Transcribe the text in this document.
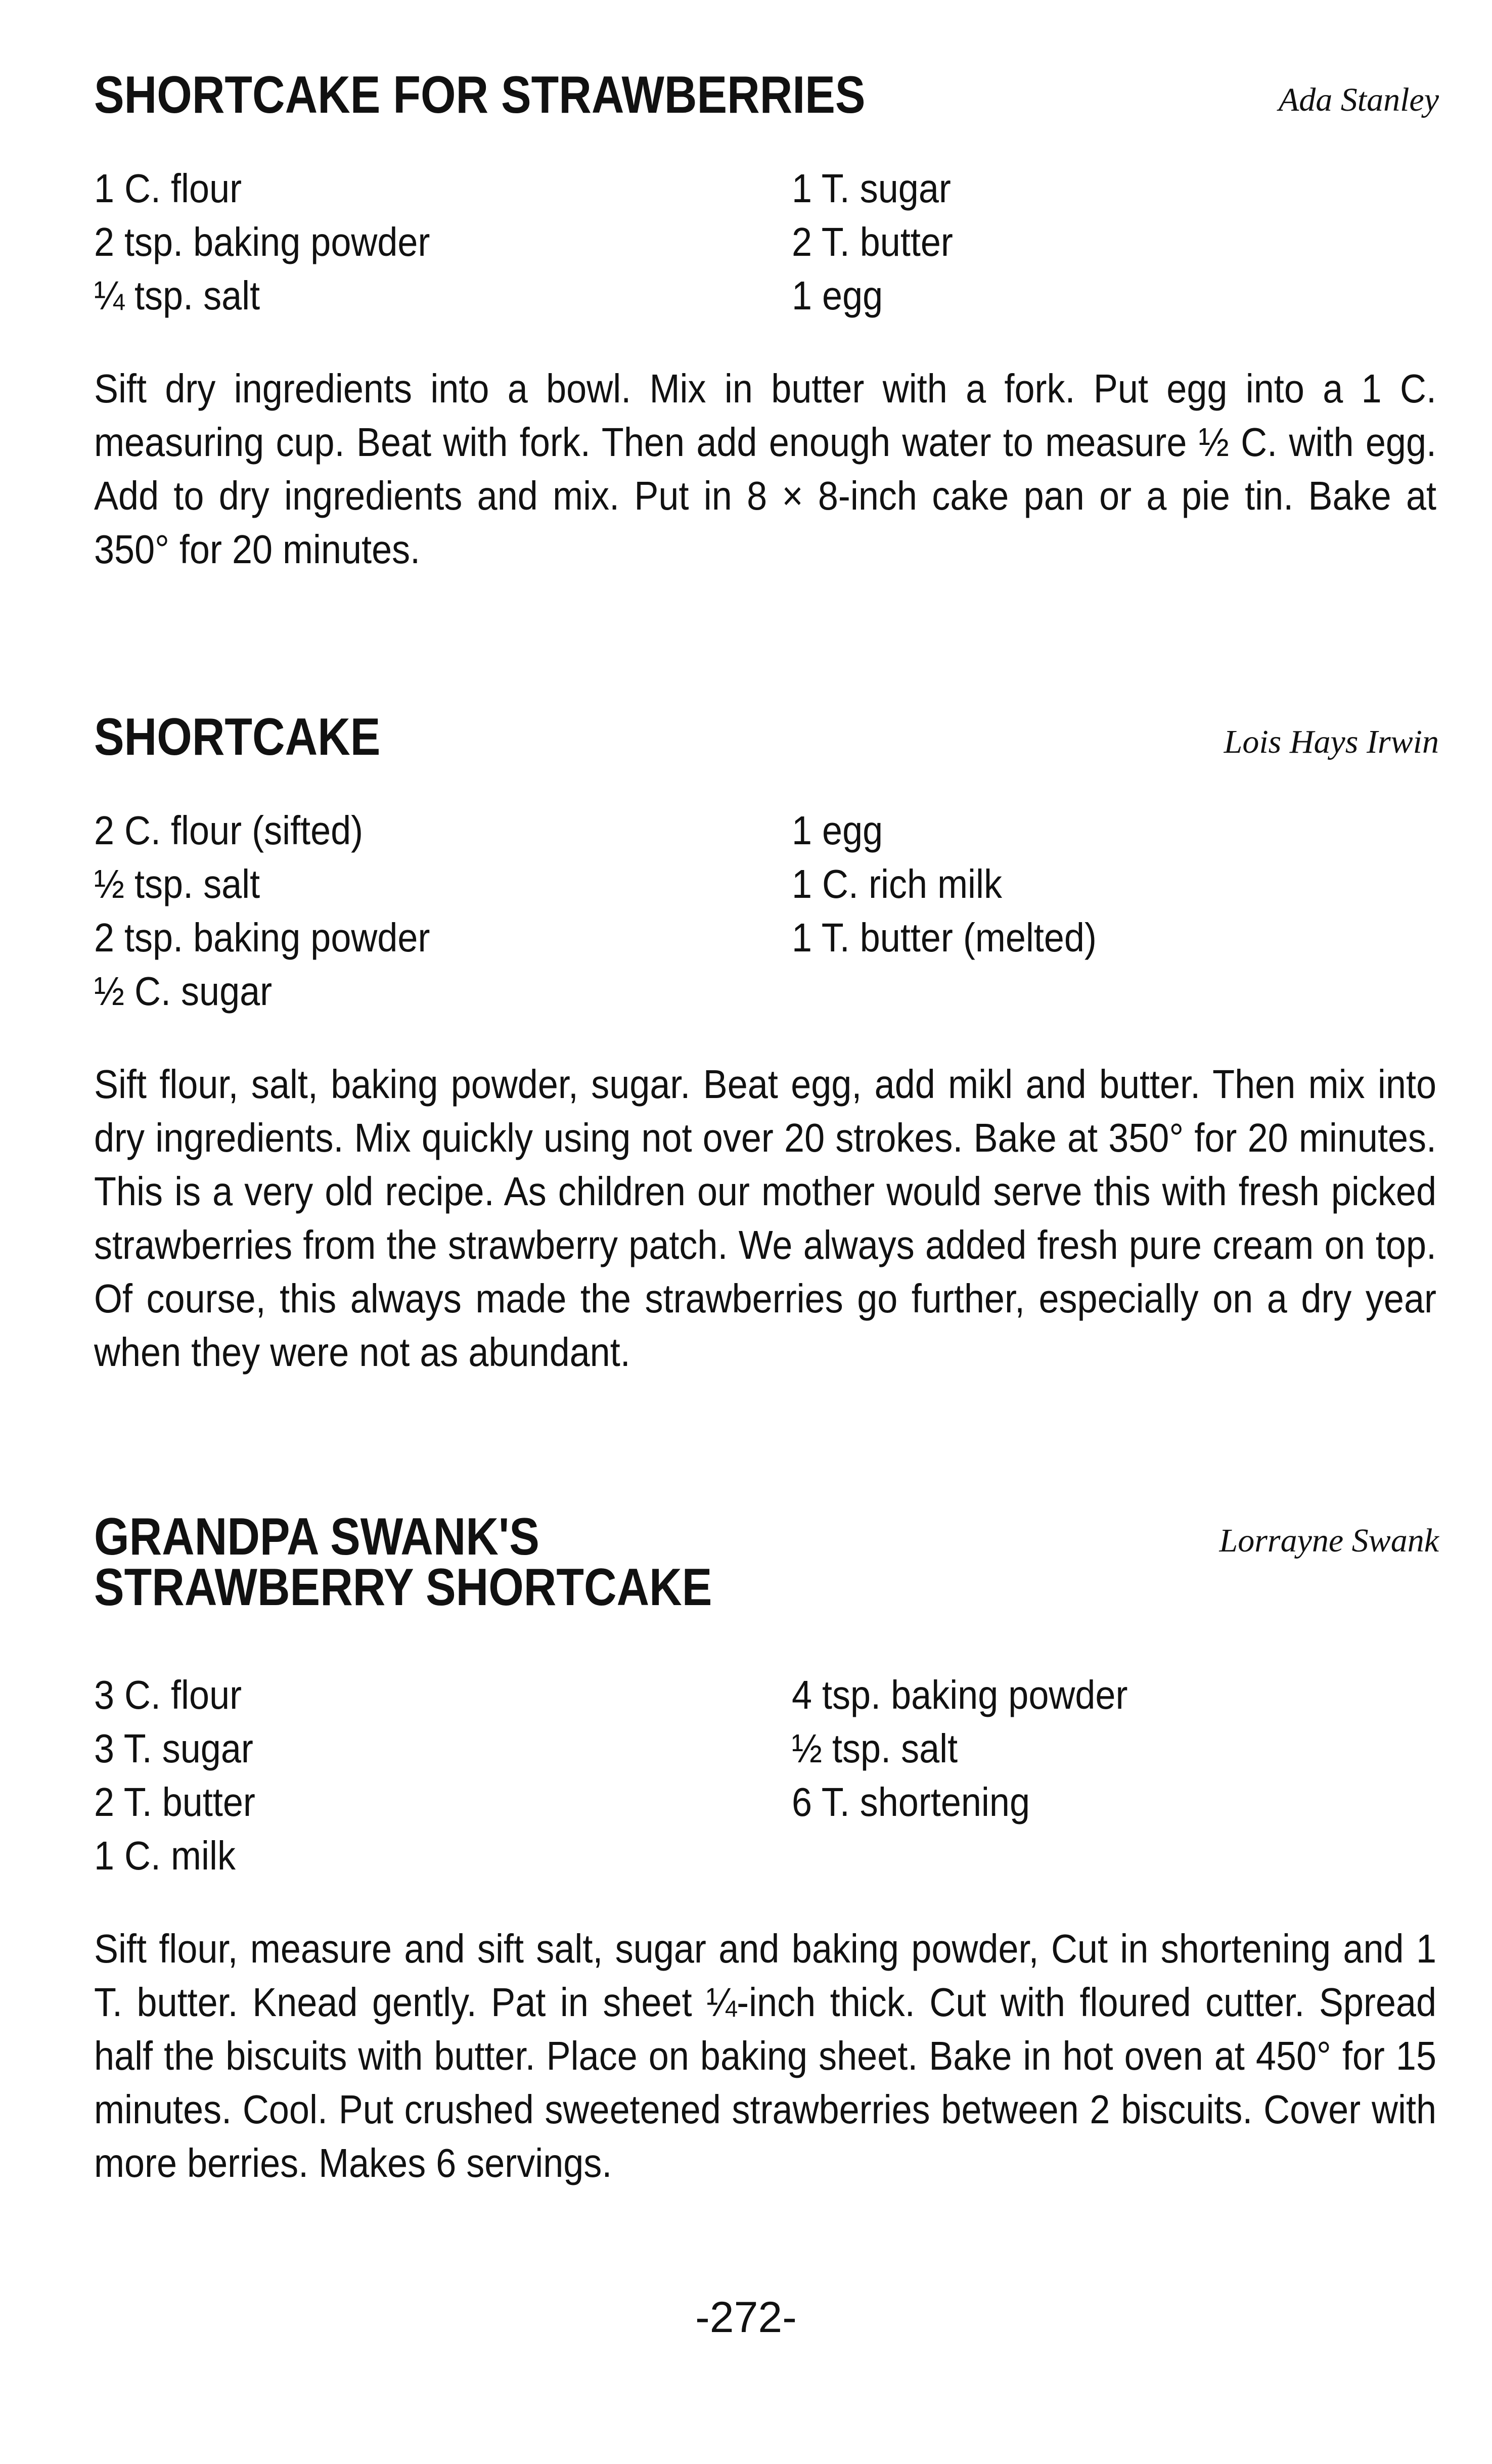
SHORTCAKE FOR STRAWBERRIES	Ada Stanley
1 C. flour
2 tsp. baking powder
¼ tsp. salt
1 T. sugar
2 T. butter
1 egg

Sift dry ingredients into a bowl. Mix in butter with a fork. Put egg into a 1 C. measuring cup. Beat with fork. Then add enough water to measure ½ C. with egg. Add to dry ingredients and mix. Put in 8 × 8-inch cake pan or a pie tin. Bake at 350° for 20 minutes.

SHORTCAKE	Lois Hays Irwin
2 C. flour (sifted)
½ tsp. salt
2 tsp. baking powder
½ C. sugar
1 egg
1 C. rich milk
1 T. butter (melted)

Sift flour, salt, baking powder, sugar. Beat egg, add mikl and butter. Then mix into dry ingredients. Mix quickly using not over 20 strokes. Bake at 350° for 20 minutes. This is a very old recipe. As children our mother would serve this with fresh picked strawberries from the strawberry patch. We always added fresh pure cream on top. Of course, this always made the strawberries go further, especially on a dry year when they were not as abundant.

GRANDPA SWANK'S
STRAWBERRY SHORTCAKE
Lorrayne Swank
3 C. flour
3 T. sugar
2 T. butter
1 C. milk
4 tsp. baking powder
½ tsp. salt
6 T. shortening

Sift flour, measure and sift salt, sugar and baking powder, Cut in shortening and 1 T. butter. Knead gently. Pat in sheet ¼-inch thick. Cut with floured cutter. Spread half the biscuits with butter. Place on baking sheet. Bake in hot oven at 450° for 15 minutes. Cool. Put crushed sweetened strawberries between 2 biscuits. Cover with more berries. Makes 6 servings.

-272-
